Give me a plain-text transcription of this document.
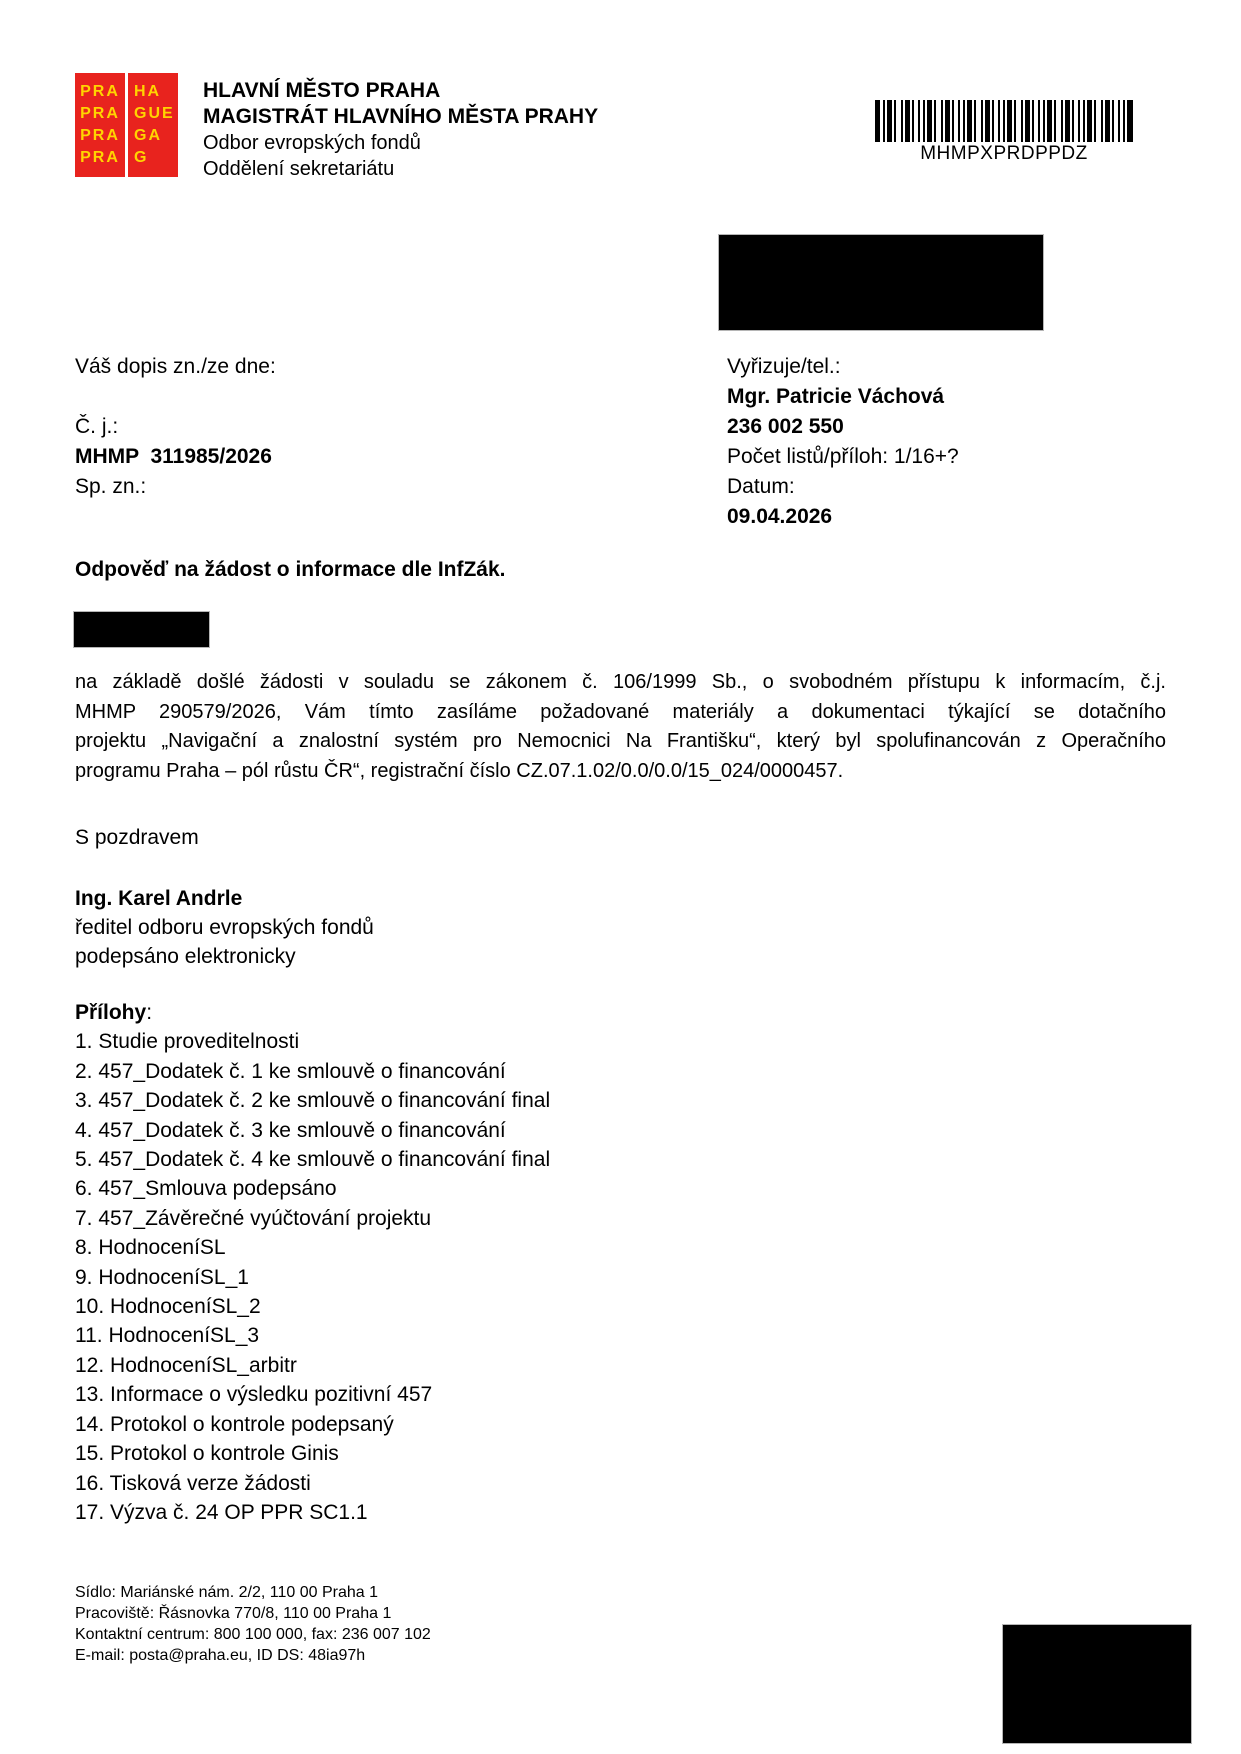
PRA
PRA
PRA
PRA
HA
GUE
GA
G
HLAVNÍ MĚSTO PRAHA
MAGISTRÁT HLAVNÍHO MĚSTA PRAHY
Odbor evropských fondů
Oddělení sekretariátu
MHMPXPRDPPDZ
Váš dopis zn./ze dne:
Č. j.:
MHMP  311985/2026
Sp. zn.:
Vyřizuje/tel.:
Mgr. Patricie Váchová
236 002 550
Počet listů/příloh: 1/16+?
Datum:
09.04.2026
Odpověď na žádost o informace dle InfZák.
na základě došlé žádosti v souladu se zákonem č. 106/1999 Sb., o svobodném přístupu k informacím, č.j.
MHMP 290579/2026, Vám tímto zasíláme požadované materiály a dokumentaci týkající se dotačního
projektu „Navigační a znalostní systém pro Nemocnici Na Františku“, který byl spolufinancován z Operačního
programu Praha – pól růstu ČR“, registrační číslo CZ.07.1.02/0.0/0.0/15_024/0000457.
S pozdravem
Ing. Karel Andrle
ředitel odboru evropských fondů
podepsáno elektronicky
Přílohy:
1. Studie proveditelnosti
2. 457_Dodatek č. 1 ke smlouvě o financování
3. 457_Dodatek č. 2 ke smlouvě o financování final
4. 457_Dodatek č. 3 ke smlouvě o financování
5. 457_Dodatek č. 4 ke smlouvě o financování final
6. 457_Smlouva podepsáno
7. 457_Závěrečné vyúčtování projektu
8. HodnoceníSL
9. HodnoceníSL_1
10. HodnoceníSL_2
11. HodnoceníSL_3
12. HodnoceníSL_arbitr
13. Informace o výsledku pozitivní 457
14. Protokol o kontrole podepsaný
15. Protokol o kontrole Ginis
16. Tisková verze žádosti
17. Výzva č. 24 OP PPR SC1.1
Sídlo: Mariánské nám. 2/2, 110 00 Praha 1
Pracoviště: Řásnovka 770/8, 110 00 Praha 1
Kontaktní centrum: 800 100 000, fax: 236 007 102
E-mail: posta@praha.eu, ID DS: 48ia97h
